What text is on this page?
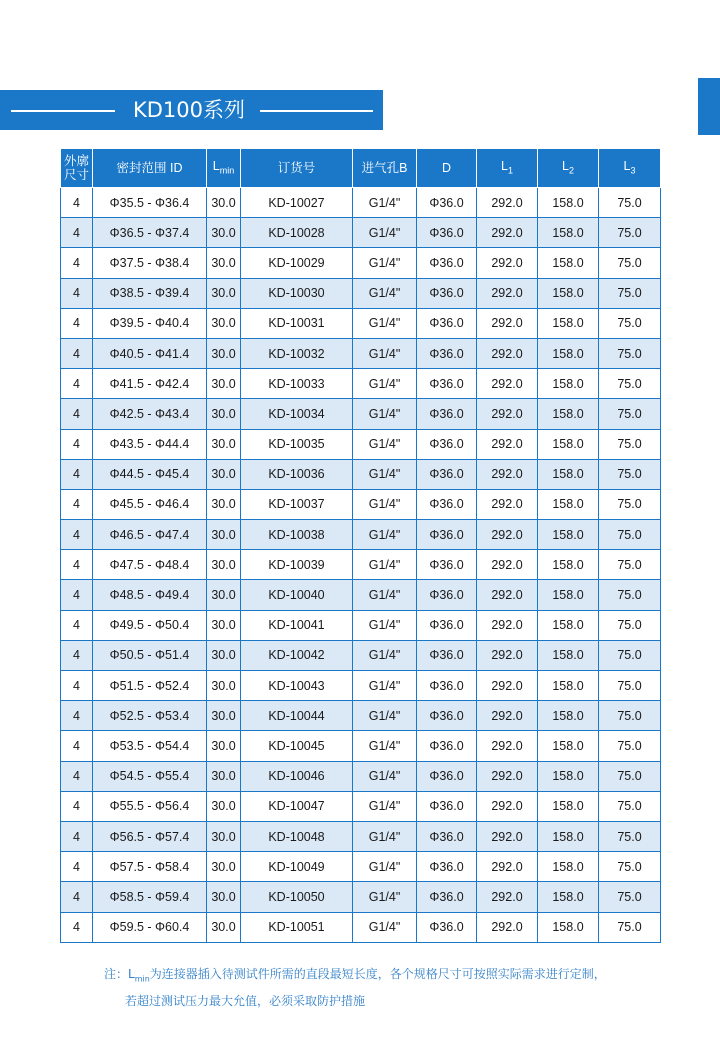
KD100系列
外廓尺寸	密封范围 ID	$L_{min}$	订货号	进气孔B	D	$L_1$	$L_2$	$L_3$
4	Φ35.5 - Φ36.4	30.0	KD-10027	G1/4"	Φ36.0	292.0	158.0	75.0
4	Φ36.5 - Φ37.4	30.0	KD-10028	G1/4"	Φ36.0	292.0	158.0	75.0
4	Φ37.5 - Φ38.4	30.0	KD-10029	G1/4"	Φ36.0	292.0	158.0	75.0
4	Φ38.5 - Φ39.4	30.0	KD-10030	G1/4"	Φ36.0	292.0	158.0	75.0
4	Φ39.5 - Φ40.4	30.0	KD-10031	G1/4"	Φ36.0	292.0	158.0	75.0
4	Φ40.5 - Φ41.4	30.0	KD-10032	G1/4"	Φ36.0	292.0	158.0	75.0
4	Φ41.5 - Φ42.4	30.0	KD-10033	G1/4"	Φ36.0	292.0	158.0	75.0
4	Φ42.5 - Φ43.4	30.0	KD-10034	G1/4"	Φ36.0	292.0	158.0	75.0
4	Φ43.5 - Φ44.4	30.0	KD-10035	G1/4"	Φ36.0	292.0	158.0	75.0
4	Φ44.5 - Φ45.4	30.0	KD-10036	G1/4"	Φ36.0	292.0	158.0	75.0
4	Φ45.5 - Φ46.4	30.0	KD-10037	G1/4"	Φ36.0	292.0	158.0	75.0
4	Φ46.5 - Φ47.4	30.0	KD-10038	G1/4"	Φ36.0	292.0	158.0	75.0
4	Φ47.5 - Φ48.4	30.0	KD-10039	G1/4"	Φ36.0	292.0	158.0	75.0
4	Φ48.5 - Φ49.4	30.0	KD-10040	G1/4"	Φ36.0	292.0	158.0	75.0
4	Φ49.5 - Φ50.4	30.0	KD-10041	G1/4"	Φ36.0	292.0	158.0	75.0
4	Φ50.5 - Φ51.4	30.0	KD-10042	G1/4"	Φ36.0	292.0	158.0	75.0
4	Φ51.5 - Φ52.4	30.0	KD-10043	G1/4"	Φ36.0	292.0	158.0	75.0
4	Φ52.5 - Φ53.4	30.0	KD-10044	G1/4"	Φ36.0	292.0	158.0	75.0
4	Φ53.5 - Φ54.4	30.0	KD-10045	G1/4"	Φ36.0	292.0	158.0	75.0
4	Φ54.5 - Φ55.4	30.0	KD-10046	G1/4"	Φ36.0	292.0	158.0	75.0
4	Φ55.5 - Φ56.4	30.0	KD-10047	G1/4"	Φ36.0	292.0	158.0	75.0
4	Φ56.5 - Φ57.4	30.0	KD-10048	G1/4"	Φ36.0	292.0	158.0	75.0
4	Φ57.5 - Φ58.4	30.0	KD-10049	G1/4"	Φ36.0	292.0	158.0	75.0
4	Φ58.5 - Φ59.4	30.0	KD-10050	G1/4"	Φ36.0	292.0	158.0	75.0
4	Φ59.5 - Φ60.4	30.0	KD-10051	G1/4"	Φ36.0	292.0	158.0	75.0
注：$L_{min}$为连接器插入待测试件所需的直段最短长度，各个规格尺寸可按照实际需求进行定制，
若超过测试压力最大允值，必须采取防护措施
